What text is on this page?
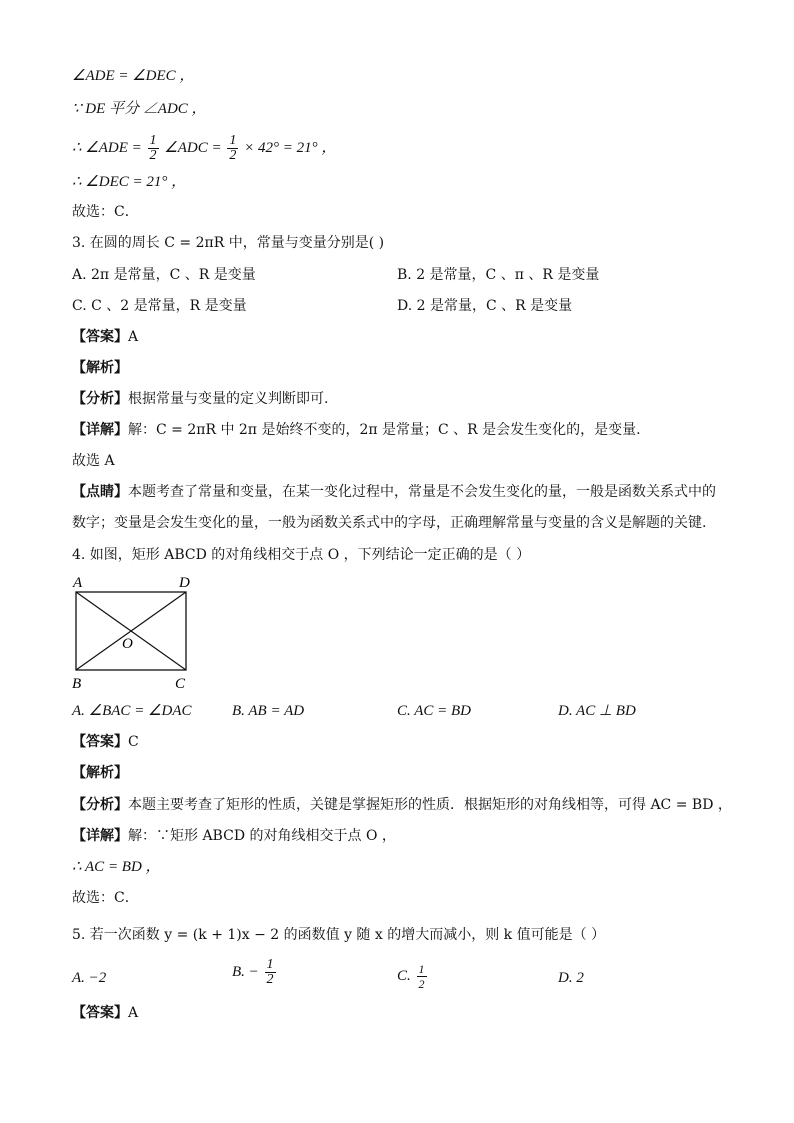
∠ADE = ∠DEC ，
∵ DE 平分 ∠ADC ，
∴ ∠ADE = $\frac{1}{2}$ ∠ADC = $\frac{1}{2} \times 42^\circ = 21^\circ$ ，
∴ ∠DEC = 21° ，
故选：C．
3. 在圆的周长 C = 2πR 中，常量与变量分别是( )
A. 2π 是常量，C 、R 是变量	B. 2 是常量，C 、π 、R 是变量
C. C 、2 是常量，R 是变量	D. 2 是常量，C 、R 是变量
【答案】A
【解析】
【分析】根据常量与变量的定义判断即可.
【详解】解：C = 2πR 中 2π 是始终不变的，2π 是常量；C 、R 是会发生变化的，是变量.
故选 A
【点睛】本题考查了常量和变量，在某一变化过程中，常量是不会发生变化的量，一般是函数关系式中的
数字；变量是会发生变化的量，一般为函数关系式中的字母，正确理解常量与变量的含义是解题的关键.
4. 如图，矩形 ABCD 的对角线相交于点 O ，下列结论一定正确的是（ ）
A	D
O
B	C
A. ∠BAC = ∠DAC	B. AB = AD	C. AC = BD	D. AC ⊥ BD
【答案】C
【解析】
【分析】本题主要考查了矩形的性质，关键是掌握矩形的性质．根据矩形的对角线相等，可得 AC = BD ，
【详解】解：∵矩形 ABCD 的对角线相交于点 O ，
∴ AC = BD ，
故选：C．
5. 若一次函数 y = (k + 1)x − 2 的函数值 y 随 x 的增大而减小，则 k 值可能是（ ）
A. −2	B. − $\frac{1}{2}$	C. $\frac{1}{2}$	D. 2
【答案】A
